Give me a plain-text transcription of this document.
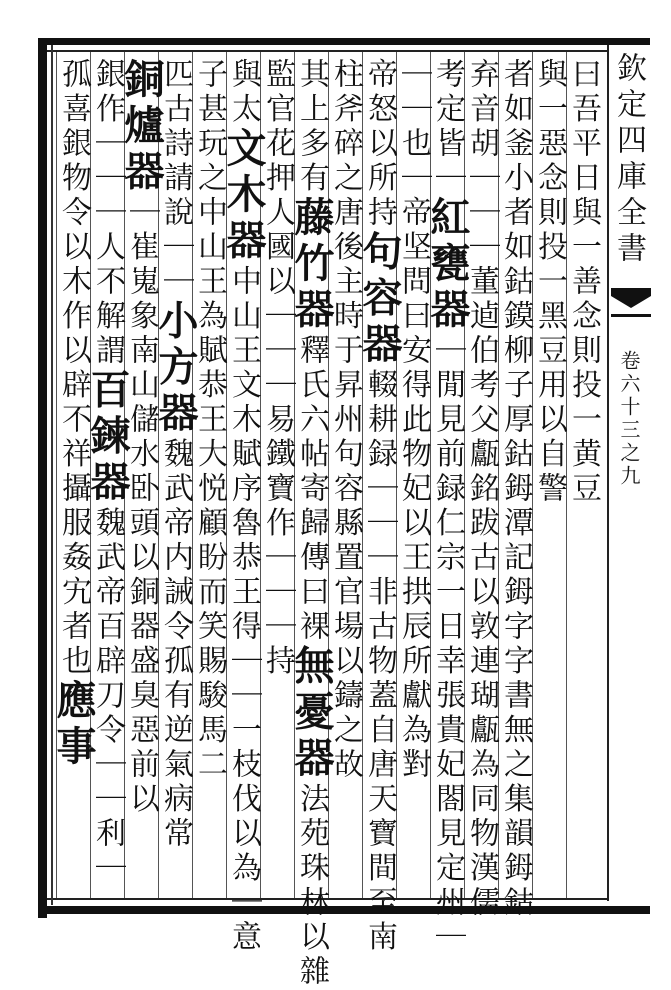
欽定四庫全書
卷六十三之九
曰吾平日與一善念則投一黄豆
與一惡念則投一黑豆用以自警
者如釜小者如鈷鏌柳子厚鈷鉧潭記鉧字字書無之集韻鉧鈷
弃音胡｜｜｜董逌伯考父甗銘跋古以敦連瑚甗為同物漢儒
考定皆｜紅甕器｜閒見前録仁宗一日幸張貴妃閤見定州｜
｜｜也｜帝坚問曰安得此物妃以王拱辰所獻為對
帝怒以所持句容器輟耕録｜｜｜非古物蓋自唐天寶間至南
柱斧碎之唐後主時于昇州句容縣置官場以鑄之故
其上多有藤竹器釋氏六帖寄歸傳曰裸無憂器法苑珠林以雜
監官花押人國以｜｜｜易鐵寶作｜｜｜持
與太文木器中山王文木賦序魯恭王得｜｜一枝伐以為｜意
子甚玩之中山王為賦恭王大悦顧盼而笑賜駿馬二
匹古詩請說｜｜小方器魏武帝内誡令孤有逆氣病常
銅爐器｜崔嵬象南山儲水卧頭以銅器盛臭惡前以
銀作｜｜｜人不解謂百鍊器魏武帝百辟刀令｜｜利｜
孤喜銀物令以木作以辟不祥攝服姦宄者也應事
